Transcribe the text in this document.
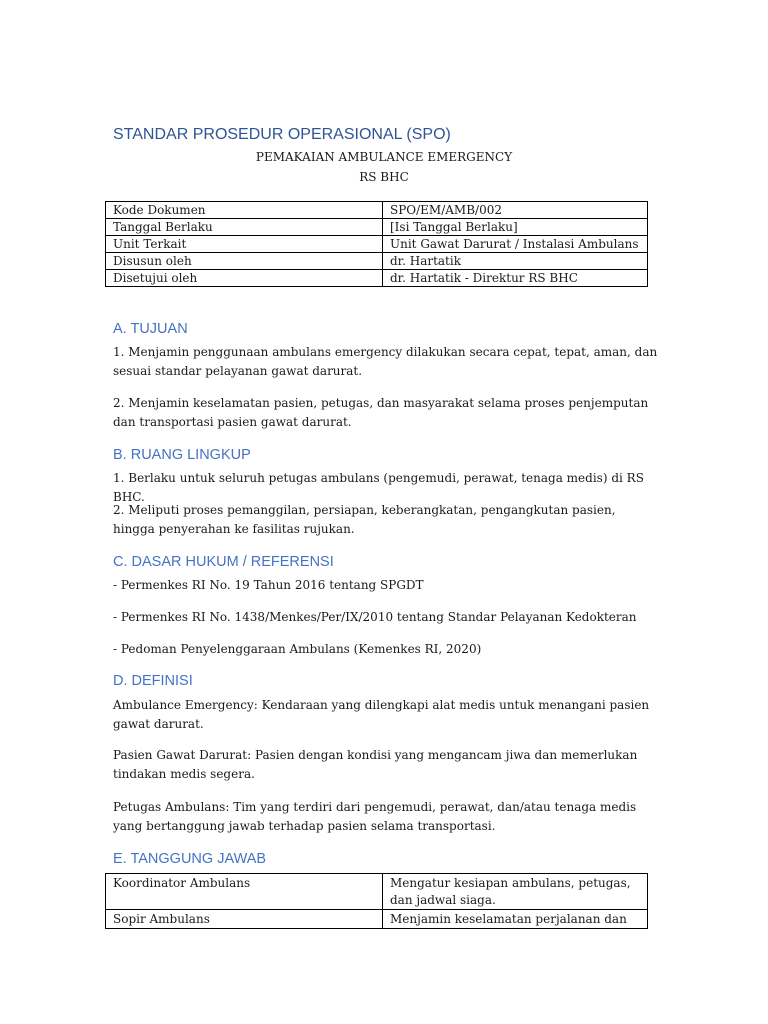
STANDAR PROSEDUR OPERASIONAL (SPO)
PEMAKAIAN AMBULANCE EMERGENCY
RS BHC
Kode Dokumen	SPO/EM/AMB/002
Tanggal Berlaku	[Isi Tanggal Berlaku]
Unit Terkait	Unit Gawat Darurat / Instalasi Ambulans
Disusun oleh	dr. Hartatik
Disetujui oleh	dr. Hartatik - Direktur RS BHC
A. TUJUAN

1. Menjamin penggunaan ambulans emergency dilakukan secara cepat, tepat, aman, dan sesuai standar pelayanan gawat darurat.

2. Menjamin keselamatan pasien, petugas, dan masyarakat selama proses penjemputan dan transportasi pasien gawat darurat.

B. RUANG LINGKUP

1. Berlaku untuk seluruh petugas ambulans (pengemudi, perawat, tenaga medis) di RS BHC.

2. Meliputi proses pemanggilan, persiapan, keberangkatan, pengangkutan pasien, hingga penyerahan ke fasilitas rujukan.

C. DASAR HUKUM / REFERENSI

- Permenkes RI No. 19 Tahun 2016 tentang SPGDT

- Permenkes RI No. 1438/Menkes/Per/IX/2010 tentang Standar Pelayanan Kedokteran

- Pedoman Penyelenggaraan Ambulans (Kemenkes RI, 2020)

D. DEFINISI

Ambulance Emergency: Kendaraan yang dilengkapi alat medis untuk menangani pasien gawat darurat.

Pasien Gawat Darurat: Pasien dengan kondisi yang mengancam jiwa dan memerlukan tindakan medis segera.

Petugas Ambulans: Tim yang terdiri dari pengemudi, perawat, dan/atau tenaga medis yang bertanggung jawab terhadap pasien selama transportasi.

E. TANGGUNG JAWAB
Koordinator Ambulans	Mengatur kesiapan ambulans, petugas, dan jadwal siaga.
Sopir Ambulans	Menjamin keselamatan perjalanan dan
